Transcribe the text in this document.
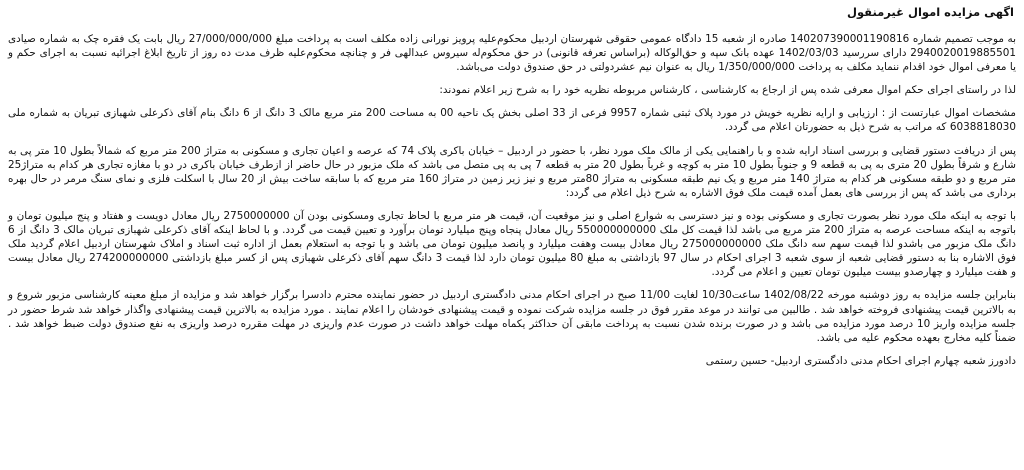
اگهی مزایده اموال غیرمنقول

به موجب تصمیم شماره 140207390001190816 صادره از شعبه 15 دادگاه عمومی حقوقی شهرستان اردبیل محکوم‌علیه پرویز نورانی زاده مکلف است به پرداخت مبلغ 27/000/000/000 ریال بابت یک فقره چک به شماره صیادی 2940020019885501 دارای سررسید 1402/03/03 عهده بانک سپه و حق‌الوکاله (براساس تعرفه قانونی) در حق محکوم‌له سیروس عبدالهی فر و چنانچه محکوم‌علیه ظرف مدت ده روز از تاریخ ابلاغ اجرائیه نسبت به اجرای حکم و یا معرفی اموال خود اقدام ننماید مکلف به پرداخت 1/350/000/000 ریال به عنوان نیم عشردولتی در حق صندوق دولت می‌باشد.

لذا در راستای اجرای حکم اموال معرفی شده پس از ارجاع به کارشناسی ، کارشناس مربوطه نظریه خود را به شرح زیر اعلام نمودند:

مشخصات اموال عبارتست از : ارزیابی و ارایه نظریه خویش در مورد پلاک ثبتی شماره 9957 فرعی از 33 اصلی بخش یک ناحیه 00 به مساحت 200 متر مربع مالک 3 دانگ از 6 دانگ بنام آقای ذکرعلی شهبازی تبریان به شماره ملی 6038818030 که مراتب به شرح ذیل به حضورتان اعلام می گردد.

پس از دریافت دستور قضایی و بررسی اسناد ارایه شده و با راهنمایی یکی از مالک ملک مورد نظر، با حضور در اردبیل – خیابان باکری پلاک 74 که عرصه و اعیان تجاری و مسکونی به متراژ 200 متر مربع که شمالاً بطول 10 متر پی به شارع و شرقاً بطول 20 متری به پی به قطعه 9 و جنوباً بطول 10 متر به کوچه و غرباً بطول 20 متر به قطعه 7 پی به پی متصل می باشد که ملک مزبور در حال حاضر از ازطرف خیابان باکری در دو با مغازه تجاری هر کدام به متراژ25 متر مربع و دو طبقه مسکونی هر کدام به متراژ 140 متر مربع و یک نیم طبقه مسکونی به متراژ 80متر مربع و نیز زیر زمین در متراژ 160 متر مربع که با سابقه ساخت بیش از 20 سال با اسکلت فلزی و نمای سنگ مرمر در حال بهره برداری می باشد که پس از بررسی های بعمل آمده قیمت ملک فوق الاشاره به شرح ذیل اعلام می گردد:

با توجه به اینکه ملک مورد نظر بصورت تجاری و مسکونی بوده و نیز دسترسی به شوارع اصلی و نیز موقعیت آن، قیمت هر متر مربع با لحاظ تجاری ومسکونی بودن آن 2750000000 ریال معادل دویست و هفتاد و پنج میلیون تومان و باتوجه به اینکه مساحت عرصه به متراژ 200 متر مربع می باشد لذا قیمت کل ملک 550000000000 ریال معادل پنجاه وپنج میلیارد تومان برآورد و تعیین قیمت می گردد. و با لحاظ اینکه آقای ذکرعلی شهبازی تبریان مالک 3 دانگ از 6 دانگ ملک مزبور می باشدو لذا قیمت سهم سه دانگ ملک 275000000000 ریال معادل بیست وهفت میلیارد و پانصد میلیون تومان می باشد و با توجه به استعلام بعمل از اداره ثبت اسناد و املاک شهرستان اردبیل اعلام گردید ملک فوق الاشاره بنا به دستور قضایی شعبه از سوی شعبه 3 اجرای احکام در سال 97 بازداشتی به مبلغ 80 میلیون تومان دارد لذا قیمت 3 دانگ سهم آقای ذکرعلی شهبازی پس از کسر مبلغ بازداشتی 274200000000 ریال معادل بیست و هفت میلیارد و چهارصدو بیست میلیون تومان تعیین و اعلام می گردد.

بنابراین جلسه مزایده به روز دوشنبه مورخه 1402/08/22 ساعت10/30 لغایت 11/00 صبح در اجرای احکام مدنی دادگستری اردبیل در حضور نماینده محترم دادسرا برگزار خواهد شد و مزایده از مبلغ معینه کارشناسی مزبور شروع و به بالاترین قیمت پیشنهادی فروخته خواهد شد . طالبین می توانند در موعد مقرر فوق در جلسه مزایده شرکت نموده و قیمت پیشنهادی خودشان را اعلام نمایند . مورد مزایده به بالاترین قیمت پیشنهادی واگذار خواهد شد شرط حضور در جلسه مزایده واریز 10 درصد مورد مزایده می باشد و در صورت برنده شدن نسبت به پرداخت مابقی آن حداکثر یکماه مهلت خواهد داشت در صورت عدم واریزی در مهلت مقرره درصد واریزی به نفع صندوق دولت ضبط خواهد شد . ضمناً کلیه مخارج بعهده محکوم علیه می باشد.

دادورز شعبه چهارم اجرای احکام مدنی دادگستری اردبیل- حسین رستمی
